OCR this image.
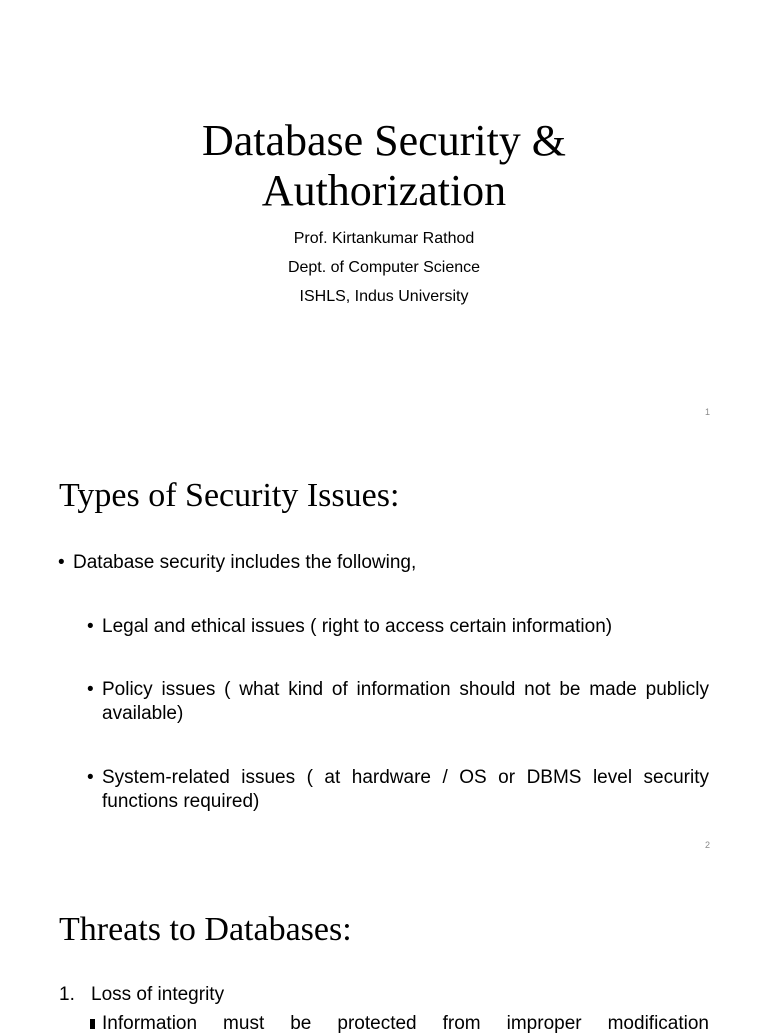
Database Security &
Authorization
Prof. Kirtankumar Rathod
Dept. of Computer Science
ISHLS, Indus University
1
Types of Security Issues:
• Database security includes the following,
• Legal and ethical issues ( right to access certain information)
• Policy issues ( what kind of information should not be made publicly available)
• System-related issues ( at hardware / OS or DBMS level security functions required)
2
Threats to Databases:
1. Loss of integrity
Information must be protected from improper modification
